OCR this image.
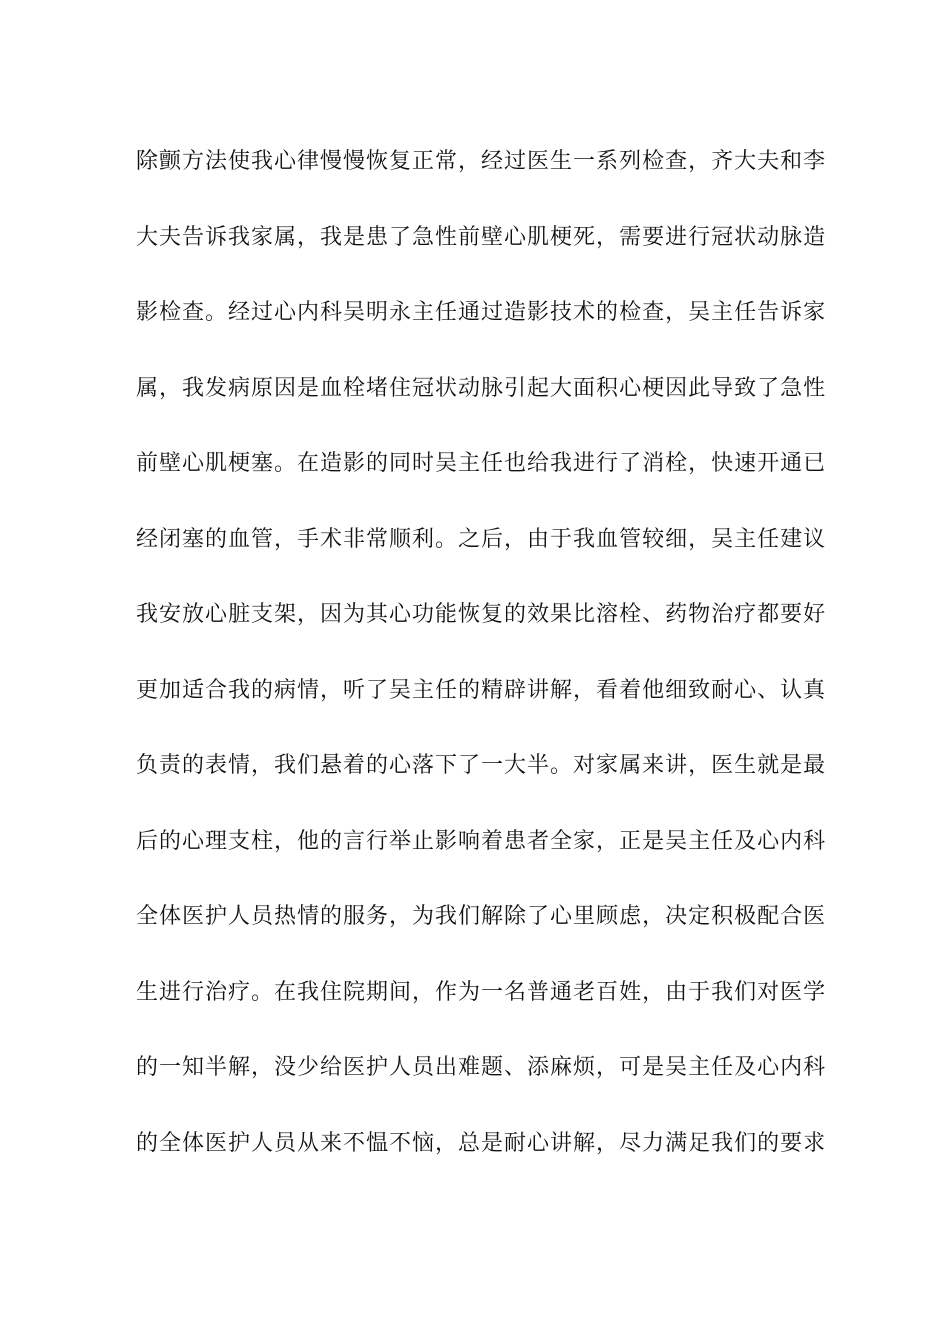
除颤方法使我心律慢慢恢复正常，经过医生一系列检查，齐大夫和李
大夫告诉我家属，我是患了急性前壁心肌梗死，需要进行冠状动脉造
影检查。经过心内科吴明永主任通过造影技术的检查，吴主任告诉家
属，我发病原因是血栓堵住冠状动脉引起大面积心梗因此导致了急性
前壁心肌梗塞。在造影的同时吴主任也给我进行了消栓，快速开通已
经闭塞的血管，手术非常顺利。之后，由于我血管较细，吴主任建议
我安放心脏支架，因为其心功能恢复的效果比溶栓、药物治疗都要好
更加适合我的病情，听了吴主任的精辟讲解，看着他细致耐心、认真
负责的表情，我们悬着的心落下了一大半。对家属来讲，医生就是最
后的心理支柱，他的言行举止影响着患者全家，正是吴主任及心内科
全体医护人员热情的服务，为我们解除了心里顾虑，决定积极配合医
生进行治疗。在我住院期间，作为一名普通老百姓，由于我们对医学
的一知半解，没少给医护人员出难题、添麻烦，可是吴主任及心内科
的全体医护人员从来不愠不恼，总是耐心讲解，尽力满足我们的要求
